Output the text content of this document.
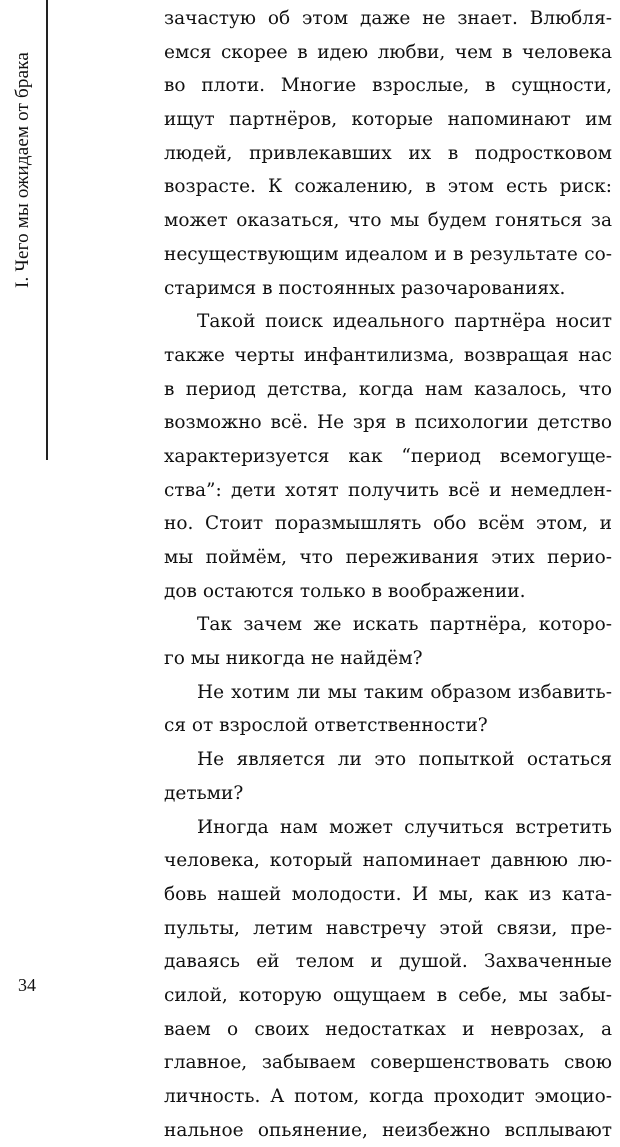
I. Чего мы ожидаем от брака
зачастую об этом даже не знает. Влюбля-
емся скорее в идею любви, чем в человека
во плоти. Многие взрослые, в сущности,
ищут партнёров, которые напоминают им
людей, привлекавших их в подростковом
возрасте. К сожалению, в этом есть риск:
может оказаться, что мы будем гоняться за
несуществующим идеалом и в результате со-
старимся в постоянных разочарованиях.
Такой поиск идеального партнёра носит
также черты инфантилизма, возвращая нас
в период детства, когда нам казалось, что
возможно всё. Не зря в психологии детство
характеризуется как “период всемогуще-
ства”: дети хотят получить всё и немедлен-
но. Стоит поразмышлять обо всём этом, и
мы поймём, что переживания этих перио-
дов остаются только в воображении.
Так зачем же искать партнёра, которо-
го мы никогда не найдём?
Не хотим ли мы таким образом избавить-
ся от взрослой ответственности?
Не является ли это попыткой остаться
детьми?
Иногда нам может случиться встретить
человека, который напоминает давнюю лю-
бовь нашей молодости. И мы, как из ката-
пульты, летим навстречу этой связи, пре-
даваясь ей телом и душой. Захваченные
силой, которую ощущаем в себе, мы забы-
ваем о своих недостатках и неврозах, а
главное, забываем совершенствовать свою
личность. А потом, когда проходит эмоцио-
нальное опьянение, неизбежно всплывают
34
